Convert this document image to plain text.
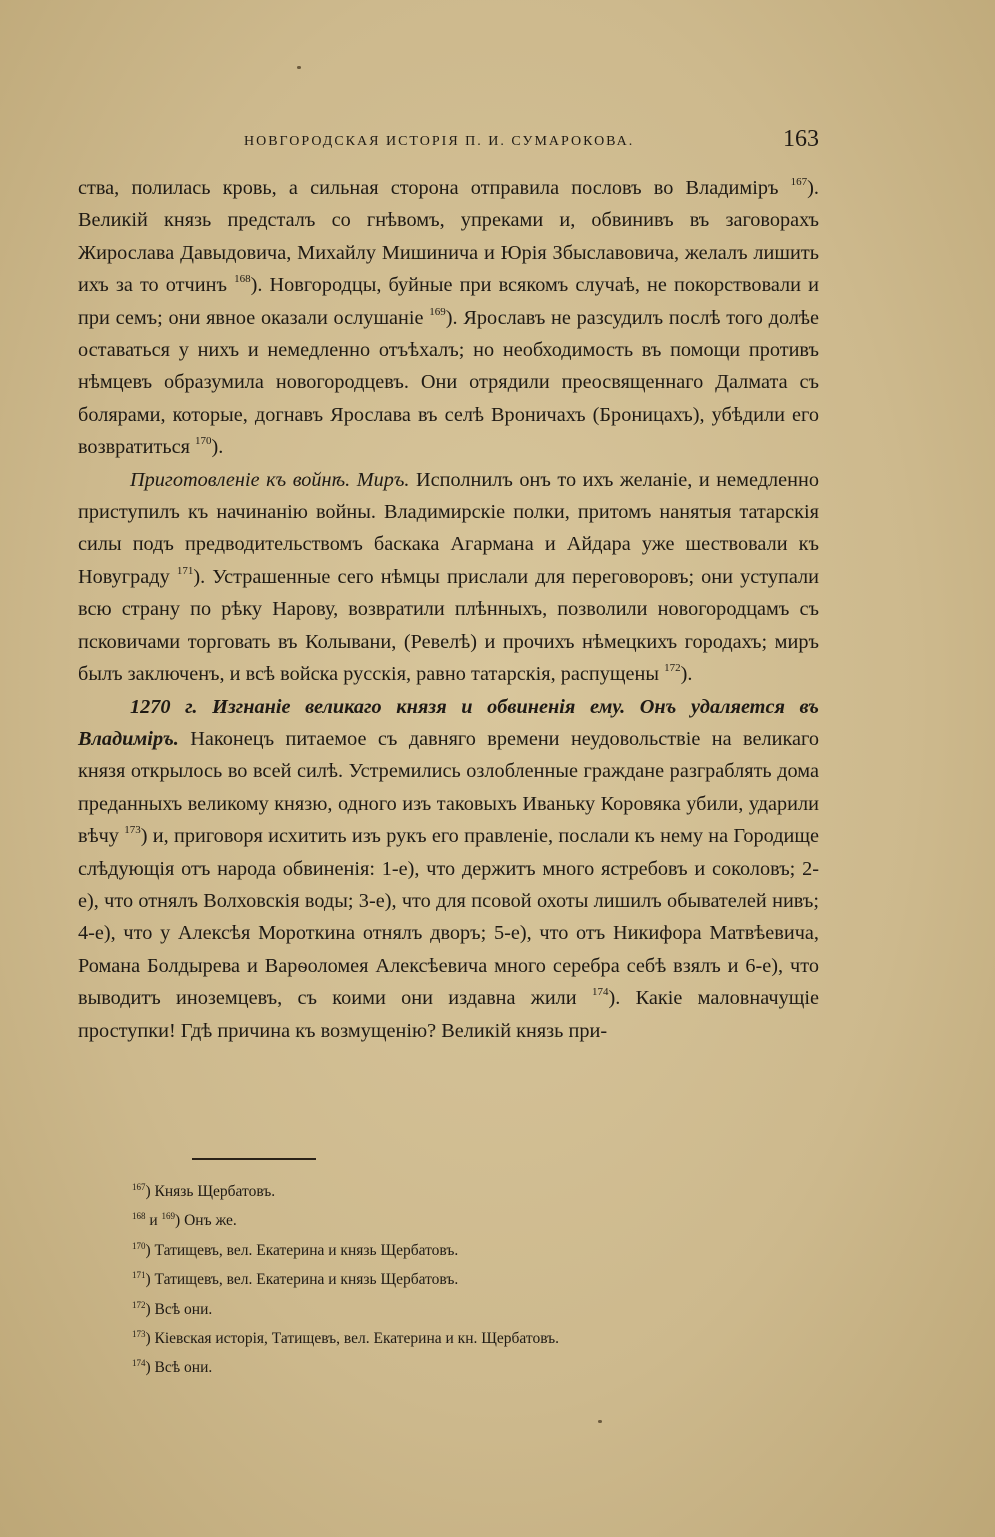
НОВГОРОДСКАЯ ИСТОРІЯ П. И. СУМАРОКОВА.	163

ства, полилась кровь, а сильная сторона отправила пословъ во Владиміръ $^{167}$). Великій князь предсталъ со гнѣвомъ, упреками и, обвинивъ въ заговорахъ Жирослава Давыдовича, Михайлу Мишинича и Юрія Збыславовича, желалъ лишить ихъ за то отчинъ $^{168}$). Новгородцы, буйные при всякомъ случаѣ, не покорствовали и при семъ; они явное оказали ослушаніе $^{169}$). Ярославъ не разсудилъ послѣ того долѣе оставаться у нихъ и немедленно отъѣхалъ; но необходимость въ помощи противъ нѣмцевъ образумила новогородцевъ. Они отрядили преосвященнаго Далмата съ болярами, которые, догнавъ Ярослава въ селѣ Вроничахъ (Броницахъ), убѣдили его возвратиться $^{170}$).

Приготовленіе къ войнѣ. Миръ. Исполнилъ онъ то ихъ желаніе, и немедленно приступилъ къ начинанію войны. Владимирскіе полки, притомъ нанятыя татарскія силы подъ предводительствомъ баскака Агармана и Айдара уже шествовали къ Новуграду $^{171}$). Устрашенные сего нѣмцы прислали для переговоровъ; они уступали всю страну по рѣку Нарову, возвратили плѣнныхъ, позволили новогородцамъ съ псковичами торговать въ Колывани, (Ревелѣ) и прочихъ нѣмецкихъ городахъ; миръ былъ заключенъ, и всѣ войска русскія, равно татарскія, распущены $^{172}$).

1270 г. Изгнаніе великаго князя и обвиненія ему. Онъ удаляется въ Владиміръ. Наконецъ питаемое съ давняго времени неудовольствіе на великаго князя открылось во всей силѣ. Устремились озлобленные граждане разграблять дома преданныхъ великому князю, одного изъ таковыхъ Иваньку Коровяка убили, ударили вѣчу $^{173}$) и, приговоря исхитить изъ рукъ его правленіе, послали къ нему на Городище слѣдующія отъ народа обвиненія: 1-е), что держитъ много ястребовъ и соколовъ; 2-е), что отнялъ Волховскія воды; 3-е), что для псовой охоты лишилъ обывателей нивъ; 4-е), что у Алексѣя Мороткина отнялъ дворъ; 5-е), что отъ Никифора Матвѣевича, Романа Болдырева и Варѳоломея Алексѣевича много серебра себѣ взялъ и 6-е), что выводитъ иноземцевъ, съ коими они издавна жили $^{174}$). Какіе маловначущіе проступки! Гдѣ причина къ возмущенію? Великій князь при-

$^{167}$) Князь Щербатовъ.
$^{168}$ и $^{169}$) Онъ же.
$^{170}$) Татищевъ, вел. Екатерина и князь Щербатовъ.
$^{171}$) Татищевъ, вел. Екатерина и князь Щербатовъ.
$^{172}$) Всѣ они.
$^{173}$) Кіевская исторія, Татищевъ, вел. Екатерина и кн. Щербатовъ.
$^{174}$) Всѣ они.
